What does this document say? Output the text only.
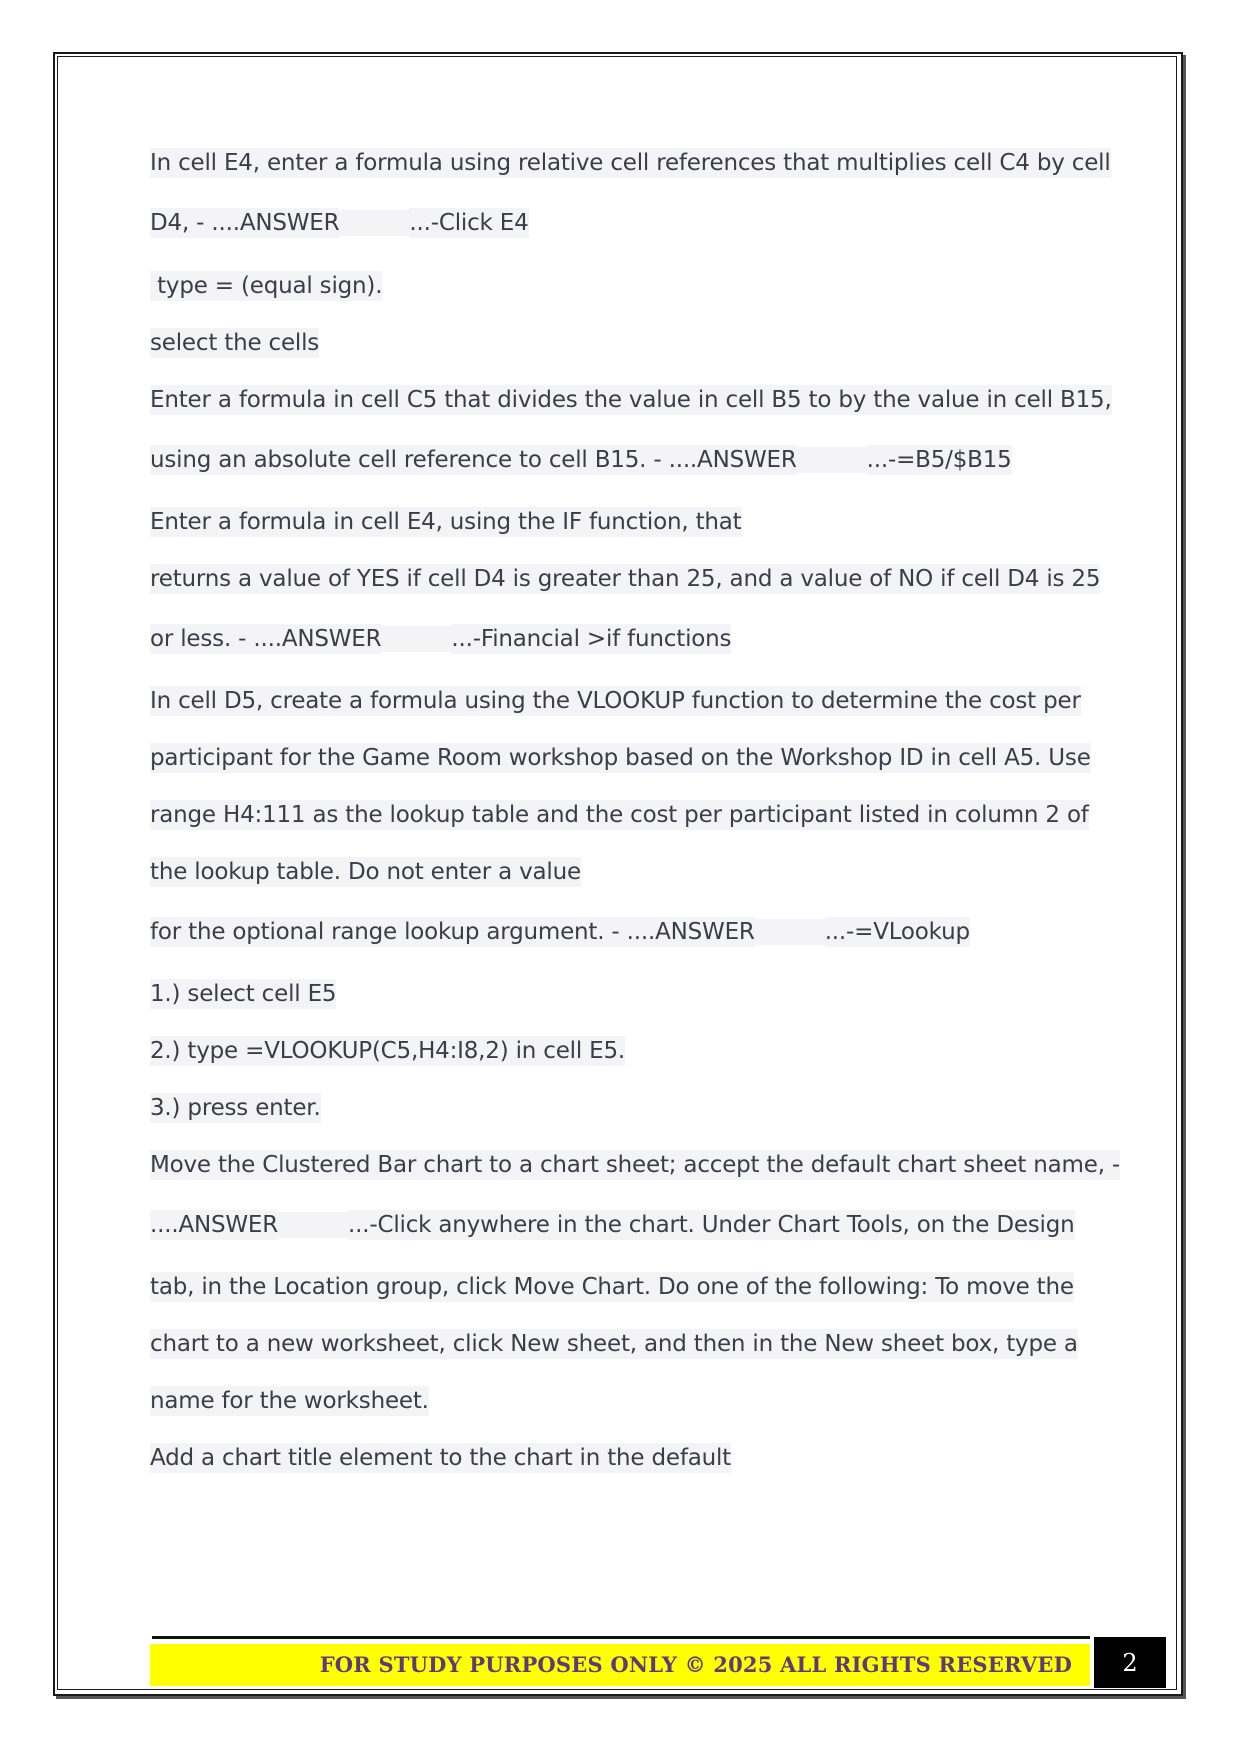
In cell E4, enter a formula using relative cell references that multiplies cell C4 by cell
D4, - ....ANSWER	...-Click E4
type = (equal sign).
select the cells
Enter a formula in cell C5 that divides the value in cell B5 to by the value in cell B15,
using an absolute cell reference to cell B15. - ....ANSWER	...-=B5/$B15
Enter a formula in cell E4, using the IF function, that
returns a value of YES if cell D4 is greater than 25, and a value of NO if cell D4 is 25
or less. - ....ANSWER	...-Financial >if functions
In cell D5, create a formula using the VLOOKUP function to determine the cost per
participant for the Game Room workshop based on the Workshop ID in cell A5. Use
range H4:111 as the lookup table and the cost per participant listed in column 2 of
the lookup table. Do not enter a value
for the optional range lookup argument. - ....ANSWER	...-=VLookup
1.) select cell E5
2.) type =VLOOKUP(C5,H4:I8,2) in cell E5.
3.) press enter.
Move the Clustered Bar chart to a chart sheet; accept the default chart sheet name, -
....ANSWER	...-Click anywhere in the chart. Under Chart Tools, on the Design
tab, in the Location group, click Move Chart. Do one of the following: To move the
chart to a new worksheet, click New sheet, and then in the New sheet box, type a
name for the worksheet.
Add a chart title element to the chart in the default
FOR STUDY PURPOSES ONLY © 2025 ALL RIGHTS RESERVED	2
